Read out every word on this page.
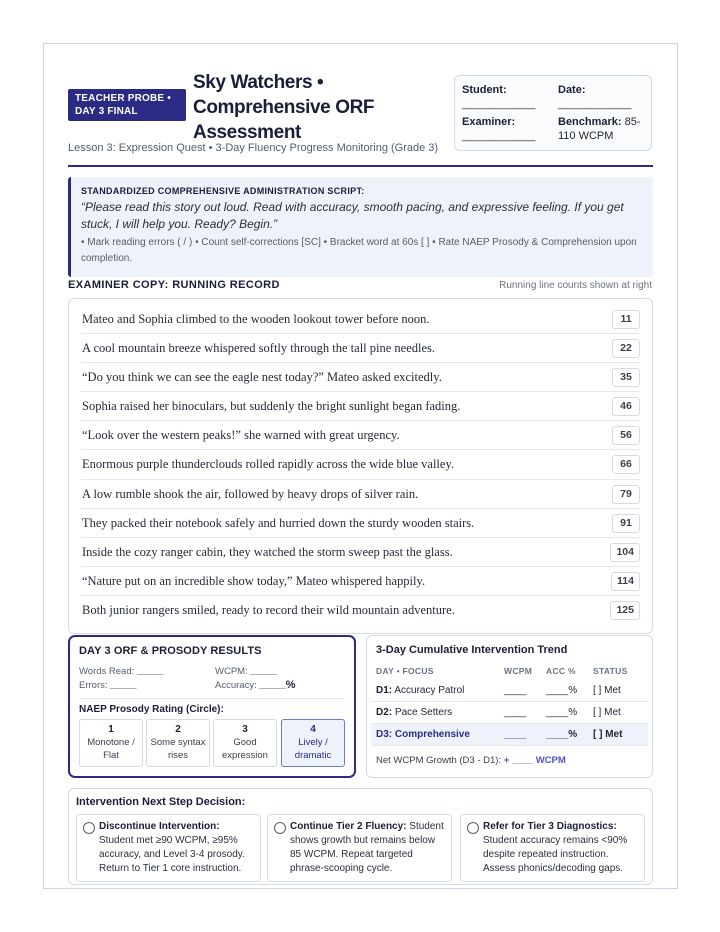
TEACHER PROBE • DAY 3 FINAL
Sky Watchers • Comprehensive ORF Assessment
Lesson 3: Expression Quest • 3-Day Fluency Progress Monitoring (Grade 3)
Student:
____________
Date:
____________
Examiner:
____________
Benchmark: 85-110 WCPM
STANDARDIZED COMPREHENSIVE ADMINISTRATION SCRIPT:
“Please read this story out loud. Read with accuracy, smooth pacing, and expressive feeling. If you get stuck, I will help you. Ready? Begin.”
• Mark reading errors ( / ) • Count self-corrections [SC] • Bracket word at 60s [ ] • Rate NAEP Prosody & Comprehension upon completion.
EXAMINER COPY: RUNNING RECORD	Running line counts shown at right
Mateo and Sophia climbed to the wooden lookout tower before noon.	11
A cool mountain breeze whispered softly through the tall pine needles.	22
“Do you think we can see the eagle nest today?” Mateo asked excitedly.	35
Sophia raised her binoculars, but suddenly the bright sunlight began fading.	46
“Look over the western peaks!” she warned with great urgency.	56
Enormous purple thunderclouds rolled rapidly across the wide blue valley.	66
A low rumble shook the air, followed by heavy drops of silver rain.	79
They packed their notebook safely and hurried down the sturdy wooden stairs.	91
Inside the cozy ranger cabin, they watched the storm sweep past the glass.	104
“Nature put on an incredible show today,” Mateo whispered happily.	114
Both junior rangers smiled, ready to record their wild mountain adventure.	125
DAY 3 ORF & PROSODY RESULTS
Words Read: _____
Errors: _____
WCPM: _____
Accuracy: _____%
NAEP Prosody Rating (Circle):
1
Monotone / Flat
2
Some syntax rises
3
Good expression
4
Lively / dramatic
3-Day Cumulative Intervention Trend
DAY • FOCUS	WCPM ACC % STATUS
D1: Accuracy Patrol	____ ____% [ ] Met
D2: Pace Setters	____ ____% [ ] Met
D3: Comprehensive	____ ____% [ ] Met
Net WCPM Growth (D3 - D1): + ____ WCPM
Intervention Next Step Decision:
Discontinue Intervention: Student met ≥90 WCPM, ≥95% accuracy, and Level 3-4 prosody. Return to Tier 1 core instruction.
Continue Tier 2 Fluency: Student shows growth but remains below 85 WCPM. Repeat targeted phrase-scooping cycle.
Refer for Tier 3 Diagnostics: Student accuracy remains <90% despite repeated instruction. Assess phonics/decoding gaps.
